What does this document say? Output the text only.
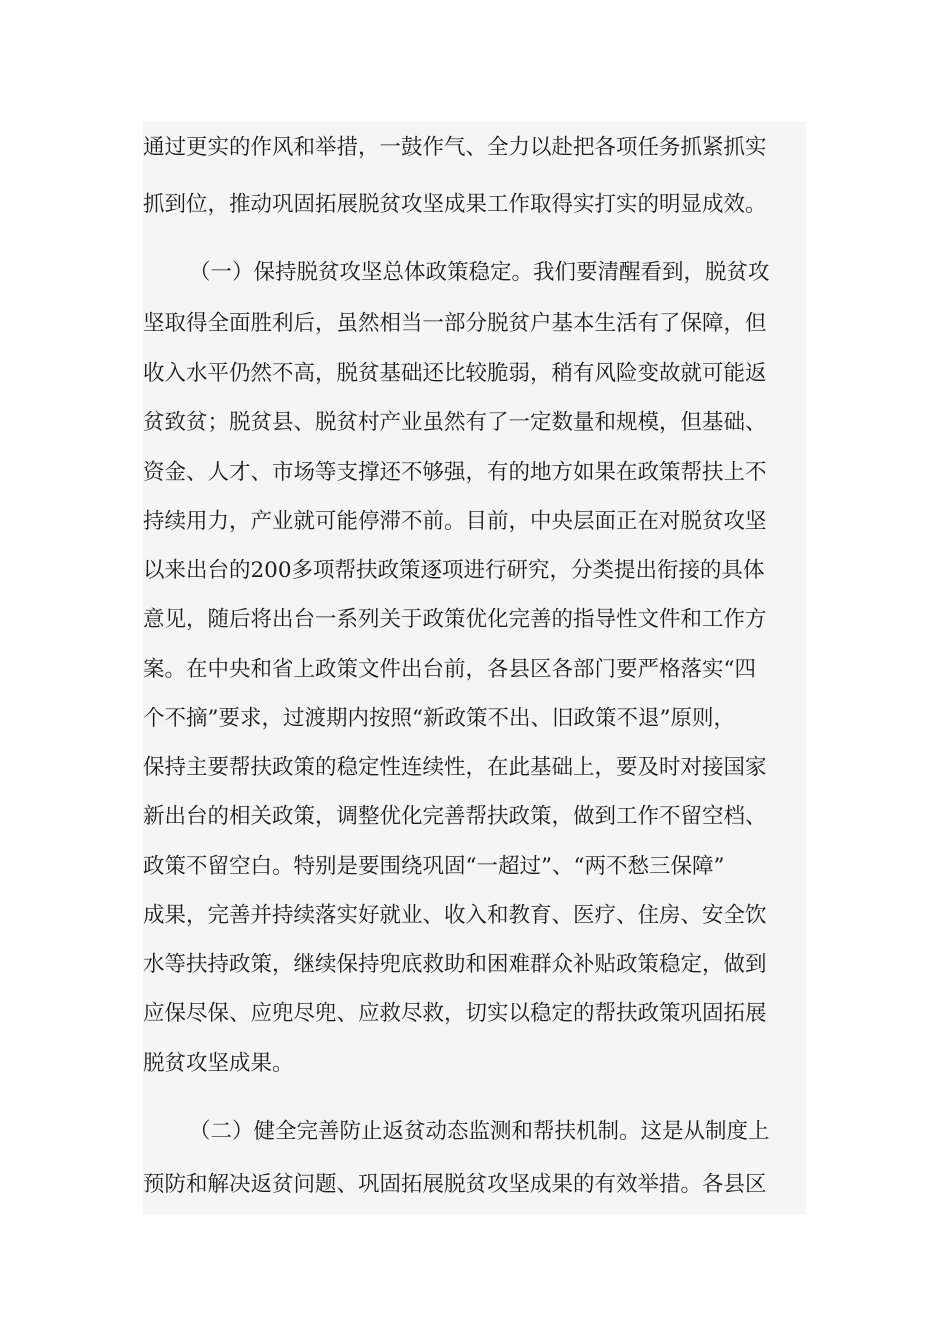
通过更实的作风和举措，一鼓作气、全力以赴把各项任务抓紧抓实
抓到位，推动巩固拓展脱贫攻坚成果工作取得实打实的明显成效。
（一）保持脱贫攻坚总体政策稳定。我们要清醒看到，脱贫攻
坚取得全面胜利后，虽然相当一部分脱贫户基本生活有了保障，但
收入水平仍然不高，脱贫基础还比较脆弱，稍有风险变故就可能返
贫致贫；脱贫县、脱贫村产业虽然有了一定数量和规模，但基础、
资金、人才、市场等支撑还不够强，有的地方如果在政策帮扶上不
持续用力，产业就可能停滞不前。目前，中央层面正在对脱贫攻坚
以来出台的200多项帮扶政策逐项进行研究，分类提出衔接的具体
意见，随后将出台一系列关于政策优化完善的指导性文件和工作方
案。在中央和省上政策文件出台前，各县区各部门要严格落实“四
个不摘”要求，过渡期内按照“新政策不出、旧政策不退”原则，
保持主要帮扶政策的稳定性连续性，在此基础上，要及时对接国家
新出台的相关政策，调整优化完善帮扶政策，做到工作不留空档、
政策不留空白。特别是要围绕巩固“一超过”、“两不愁三保障”
成果，完善并持续落实好就业、收入和教育、医疗、住房、安全饮
水等扶持政策，继续保持兜底救助和困难群众补贴政策稳定，做到
应保尽保、应兜尽兜、应救尽救，切实以稳定的帮扶政策巩固拓展
脱贫攻坚成果。
（二）健全完善防止返贫动态监测和帮扶机制。这是从制度上
预防和解决返贫问题、巩固拓展脱贫攻坚成果的有效举措。各县区
